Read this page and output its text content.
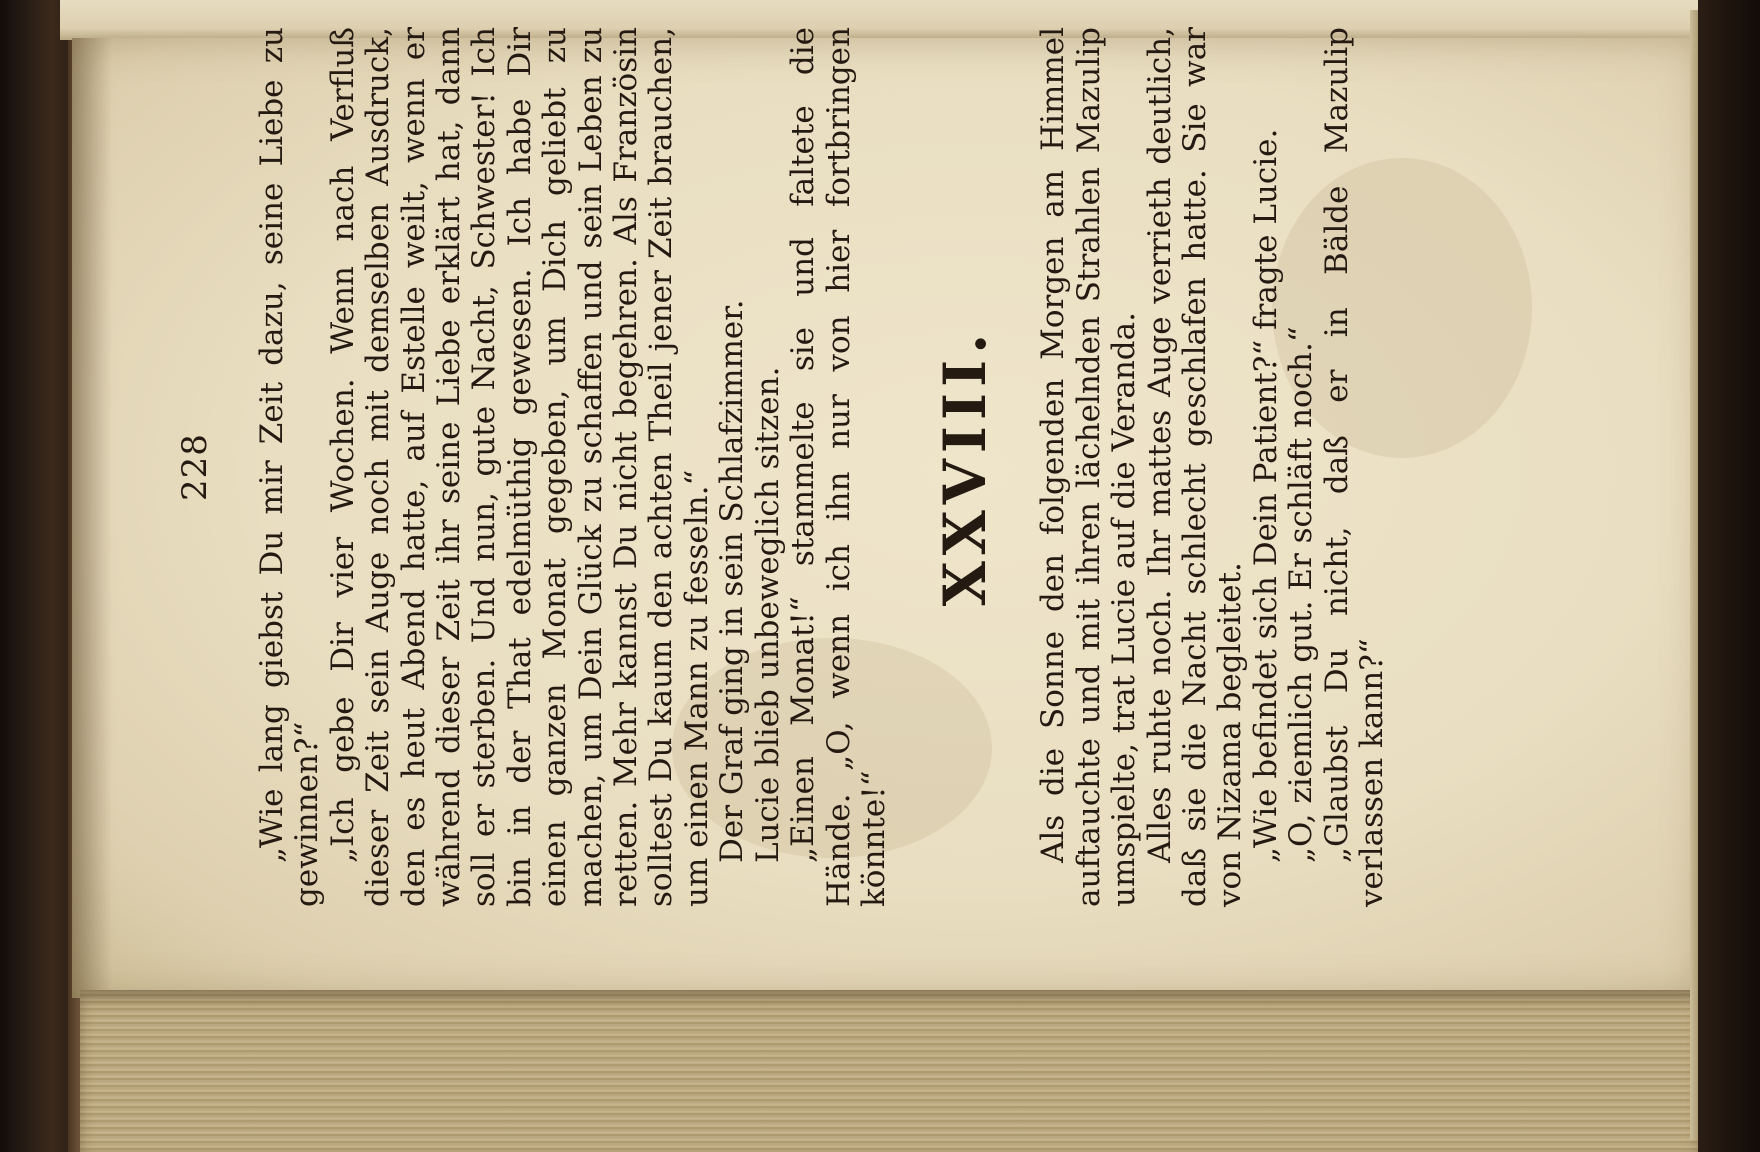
228 „Wie lang giebst Du mir Zeit dazu, seine Liebe zu gewinnen?“ „Ich gebe Dir vier Wochen. Wenn nach Verfluß dieser Zeit sein Auge noch mit demselben Ausdruck, den es heut Abend hatte, auf Estelle weilt, wenn er während dieser Zeit ihr seine Liebe erklärt hat, dann soll er sterben. Und nun, gute Nacht, Schwester! Ich bin in der That edelmüthig gewesen. Ich habe Dir einen ganzen Monat gegeben, um Dich geliebt zu machen, um Dein Glück zu schaffen und sein Leben zu retten. Mehr kannst Du nicht begehren. Als Französin solltest Du kaum den achten Theil jener Zeit brauchen, um einen Mann zu fesseln.“ Der Graf ging in sein Schlafzimmer. Lucie blieb unbeweglich sitzen. „Einen Monat!“ stammelte sie und faltete die Hände. „O, wenn ich ihn nur von hier fortbringen könnte!“

XXVIII. Als die Sonne den folgenden Morgen am Himmel auftauchte und mit ihren lächelnden Strahlen Mazulip umspielte, trat Lucie auf die Veranda. Alles ruhte noch. Ihr mattes Auge verrieth deutlich, daß sie die Nacht schlecht geschlafen hatte. Sie war von Nizama begleitet. „Wie befindet sich Dein Patient?“ fragte Lucie. „O, ziemlich gut. Er schläft noch.“ „Glaubst Du nicht, daß er in Bälde Mazulip verlassen kann?“
